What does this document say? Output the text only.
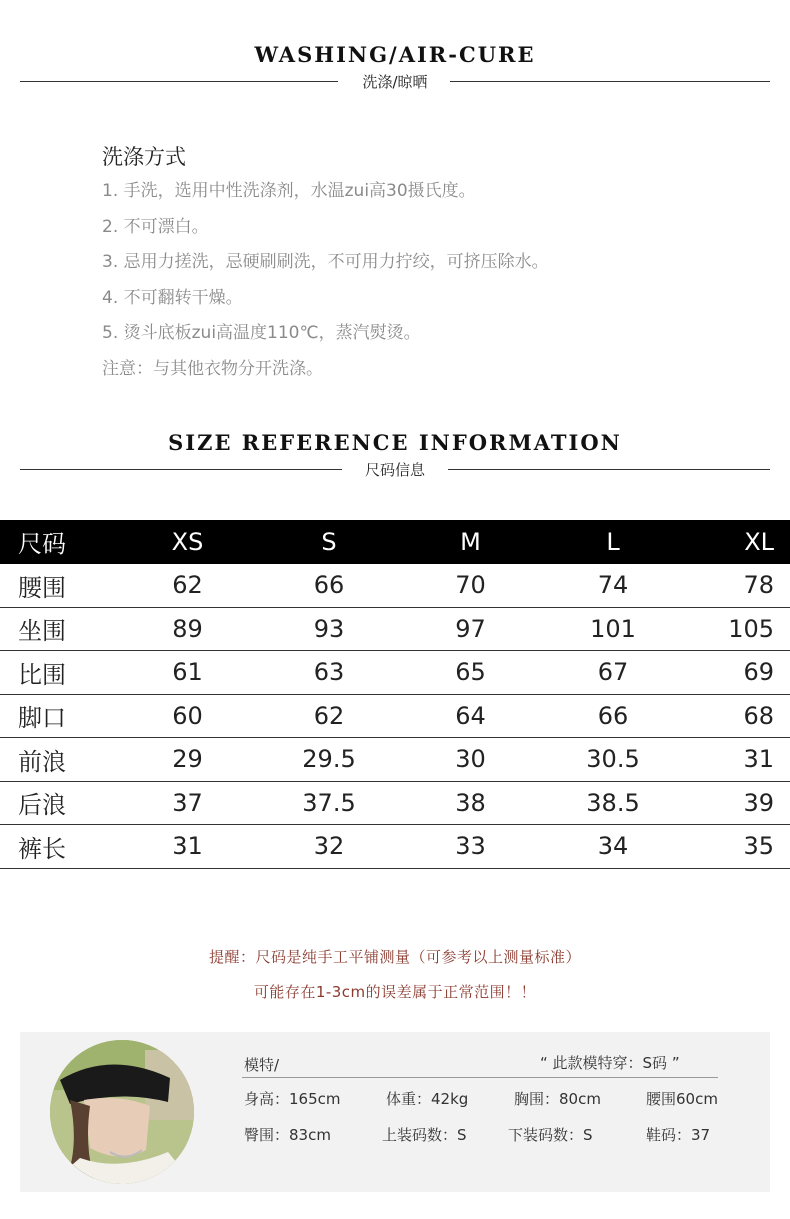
WASHING/AIR-CURE
洗涤/晾晒
洗涤方式
1. 手洗，选用中性洗涤剂，水温zui高30摄氏度。
2. 不可漂白。
3. 忌用力搓洗，忌硬刷刷洗，不可用力拧绞，可挤压除水。
4. 不可翻转干燥。
5. 烫斗底板zui高温度110℃，蒸汽熨烫。
注意：与其他衣物分开洗涤。
SIZE REFERENCE INFORMATION
尺码信息
尺码	XS	S	M	L	XL
腰围	62	66	70	74	78
坐围	89	93	97	101	105
比围	61	63	65	67	69
脚口	60	62	64	66	68
前浪	29	29.5	30	30.5	31
后浪	37	37.5	38	38.5	39
裤长	31	32	33	34	35
提醒：尺码是纯手工平铺测量（可参考以上测量标准）
可能存在1-3cm的误差属于正常范围！！
模特/	“ 此款模特穿：S码 ”
身高：165cm	体重：42kg	胸围：80cm	腰围60cm
臀围：83cm	上装码数：S	下装码数：S	鞋码：37
